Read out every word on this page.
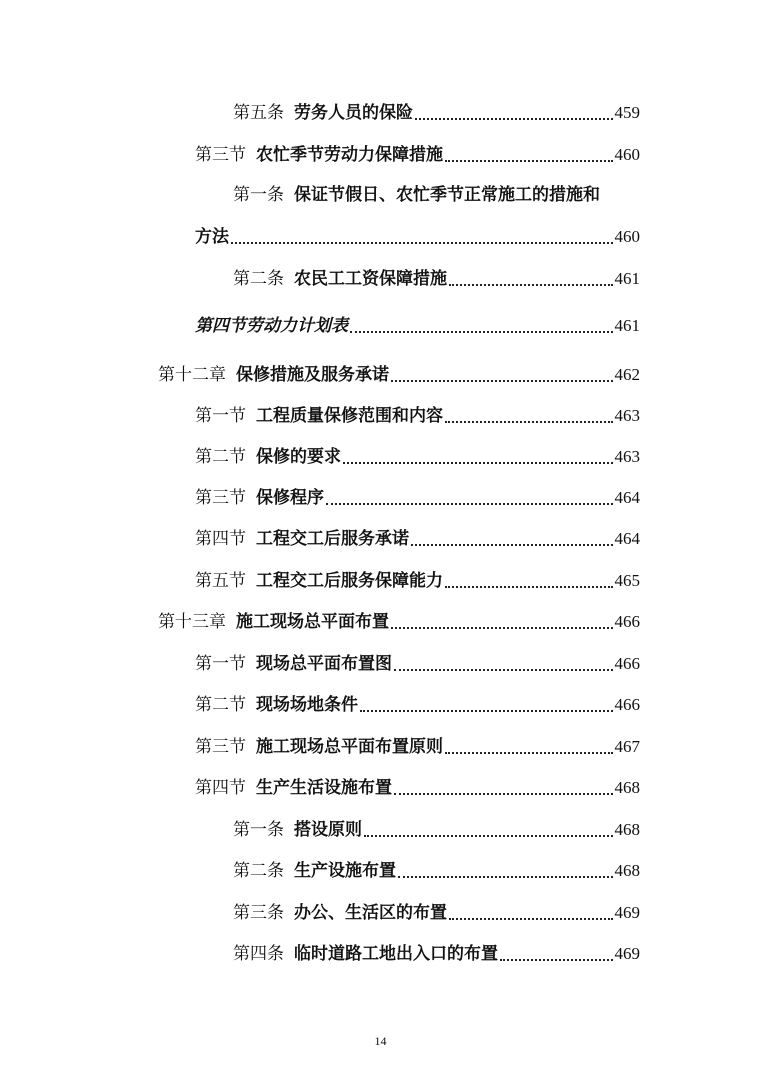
第五条 劳务人员的保险	459
第三节 农忙季节劳动力保障措施	460
第一条 保证节假日、农忙季节正常施工的措施和
方法	460
第二条 农民工工资保障措施	461
第四节劳动力计划表	461
第十二章 保修措施及服务承诺	462
第一节 工程质量保修范围和内容	463
第二节 保修的要求	463
第三节 保修程序	464
第四节 工程交工后服务承诺	464
第五节 工程交工后服务保障能力	465
第十三章 施工现场总平面布置	466
第一节 现场总平面布置图	466
第二节 现场场地条件	466
第三节 施工现场总平面布置原则	467
第四节 生产生活设施布置	468
第一条 搭设原则	468
第二条 生产设施布置	468
第三条 办公、生活区的布置	469
第四条 临时道路工地出入口的布置	469
14
